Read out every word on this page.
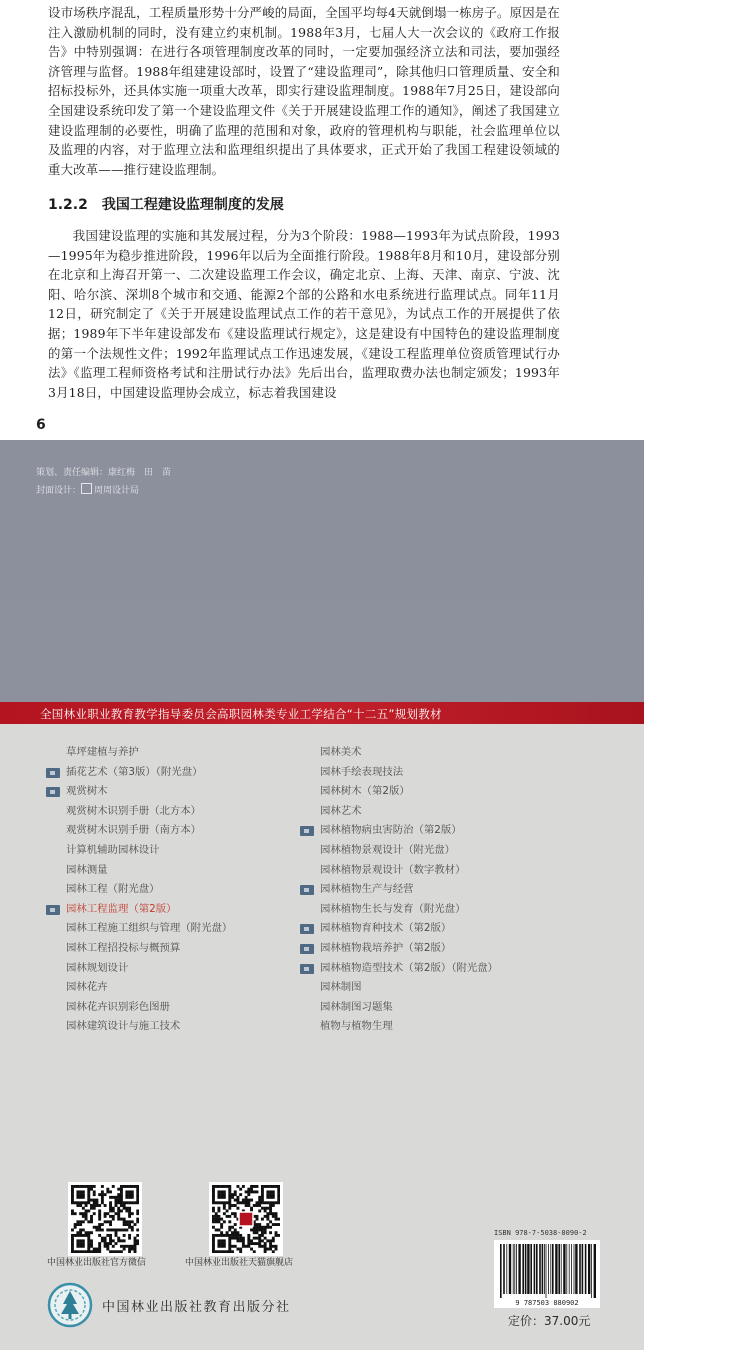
设市场秩序混乱，工程质量形势十分严峻的局面，全国平均每4天就倒塌一栋房子。原因是在注入激励机制的同时，没有建立约束机制。1988年3月，七届人大一次会议的《政府工作报告》中特别强调：在进行各项管理制度改革的同时，一定要加强经济立法和司法，要加强经济管理与监督。1988年组建建设部时，设置了“建设监理司”，除其他归口管理质量、安全和招标投标外，还具体实施一项重大改革，即实行建设监理制度。1988年7月25日，建设部向全国建设系统印发了第一个建设监理文件《关于开展建设监理工作的通知》，阐述了我国建立建设监理制的必要性，明确了监理的范围和对象，政府的管理机构与职能，社会监理单位以及监理的内容，对于监理立法和监理组织提出了具体要求，正式开始了我国工程建设领域的重大改革——推行建设监理制。

1.2.2 我国工程建设监理制度的发展

我国建设监理的实施和其发展过程，分为3个阶段：1988—1993年为试点阶段，1993—1995年为稳步推进阶段，1996年以后为全面推行阶段。1988年8月和10月，建设部分别在北京和上海召开第一、二次建设监理工作会议，确定北京、上海、天津、南京、宁波、沈阳、哈尔滨、深圳8个城市和交通、能源2个部的公路和水电系统进行监理试点。同年11月12日，研究制定了《关于开展建设监理试点工作的若干意见》，为试点工作的开展提供了依据；1989年下半年建设部发布《建设监理试行规定》，这是建设有中国特色的建设监理制度的第一个法规性文件；1992年监理试点工作迅速发展，《建设工程监理单位资质管理试行办法》《监理工程师资格考试和注册试行办法》先后出台，监理取费办法也制定颁发；1993年3月18日，中国建设监理协会成立，标志着我国建设

6
策划、责任编辑：康红梅　田　苗
封面设计： 周周设计局
全国林业职业教育教学指导委员会高职园林类专业工学结合“十二五”规划教材
草坪建植与养护
插花艺术（第3版）（附光盘）
观赏树木
观赏树木识别手册（北方本）
观赏树木识别手册（南方本）
计算机辅助园林设计
园林测量
园林工程（附光盘）
园林工程监理（第2版）
园林工程施工组织与管理（附光盘）
园林工程招投标与概预算
园林规划设计
园林花卉
园林花卉识别彩色图册
园林建筑设计与施工技术
园林美术
园林手绘表现技法
园林树木（第2版）
园林艺术
园林植物病虫害防治（第2版）
园林植物景观设计（附光盘）
园林植物景观设计（数字教材）
园林植物生产与经营
园林植物生长与发育（附光盘）
园林植物育种技术（第2版）
园林植物栽培养护（第2版）
园林植物造型技术（第2版）（附光盘）
园林制图
园林制图习题集
植物与植物生理
中国林业出版社官方微信	中国林业出版社天猫旗舰店
中国林业出版社教育出版分社
ISBN 978-7-5038-8090-2
9 787503 880902
定价：37.00元
